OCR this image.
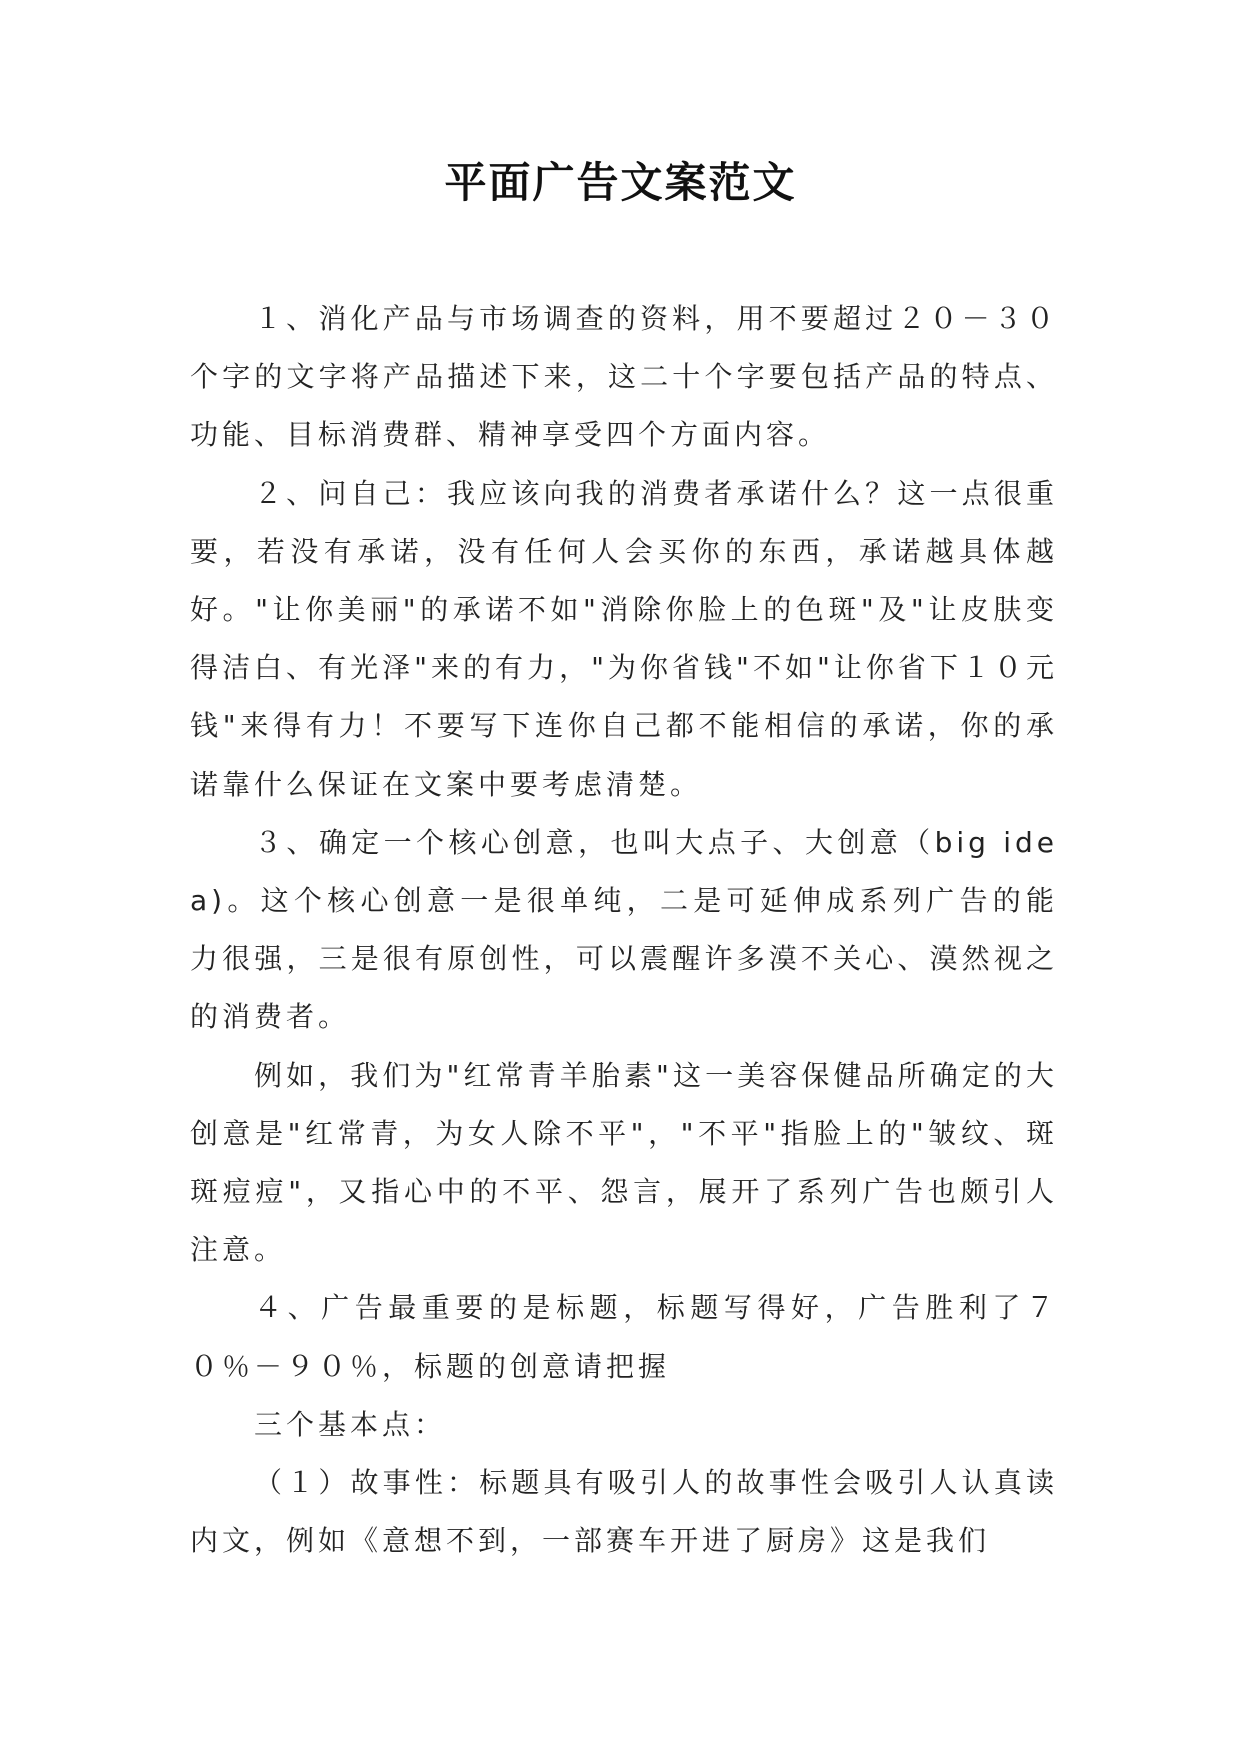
平面广告文案范文

１、消化产品与市场调查的资料，用不要超过２０－３０个字的文字将产品描述下来，这二十个字要包括产品的特点、功能、目标消费群、精神享受四个方面内容。

２、问自己：我应该向我的消费者承诺什么？这一点很重要，若没有承诺，没有任何人会买你的东西，承诺越具体越好。"让你美丽"的承诺不如"消除你脸上的色斑"及"让皮肤变得洁白、有光泽"来的有力，"为你省钱"不如"让你省下１０元钱"来得有力！不要写下连你自己都不能相信的承诺，你的承诺靠什么保证在文案中要考虑清楚。

３、确定一个核心创意，也叫大点子、大创意（big idea)。这个核心创意一是很单纯，二是可延伸成系列广告的能力很强，三是很有原创性，可以震醒许多漠不关心、漠然视之的消费者。

例如，我们为"红常青羊胎素"这一美容保健品所确定的大创意是"红常青，为女人除不平"，"不平"指脸上的"皱纹、斑斑痘痘"，又指心中的不平、怨言，展开了系列广告也颇引人注意。

４、广告最重要的是标题，标题写得好，广告胜利了７０％－９０％，标题的创意请把握

三个基本点：

（１）故事性：标题具有吸引人的故事性会吸引人认真读内文，例如《意想不到，一部赛车开进了厨房》这是我们
